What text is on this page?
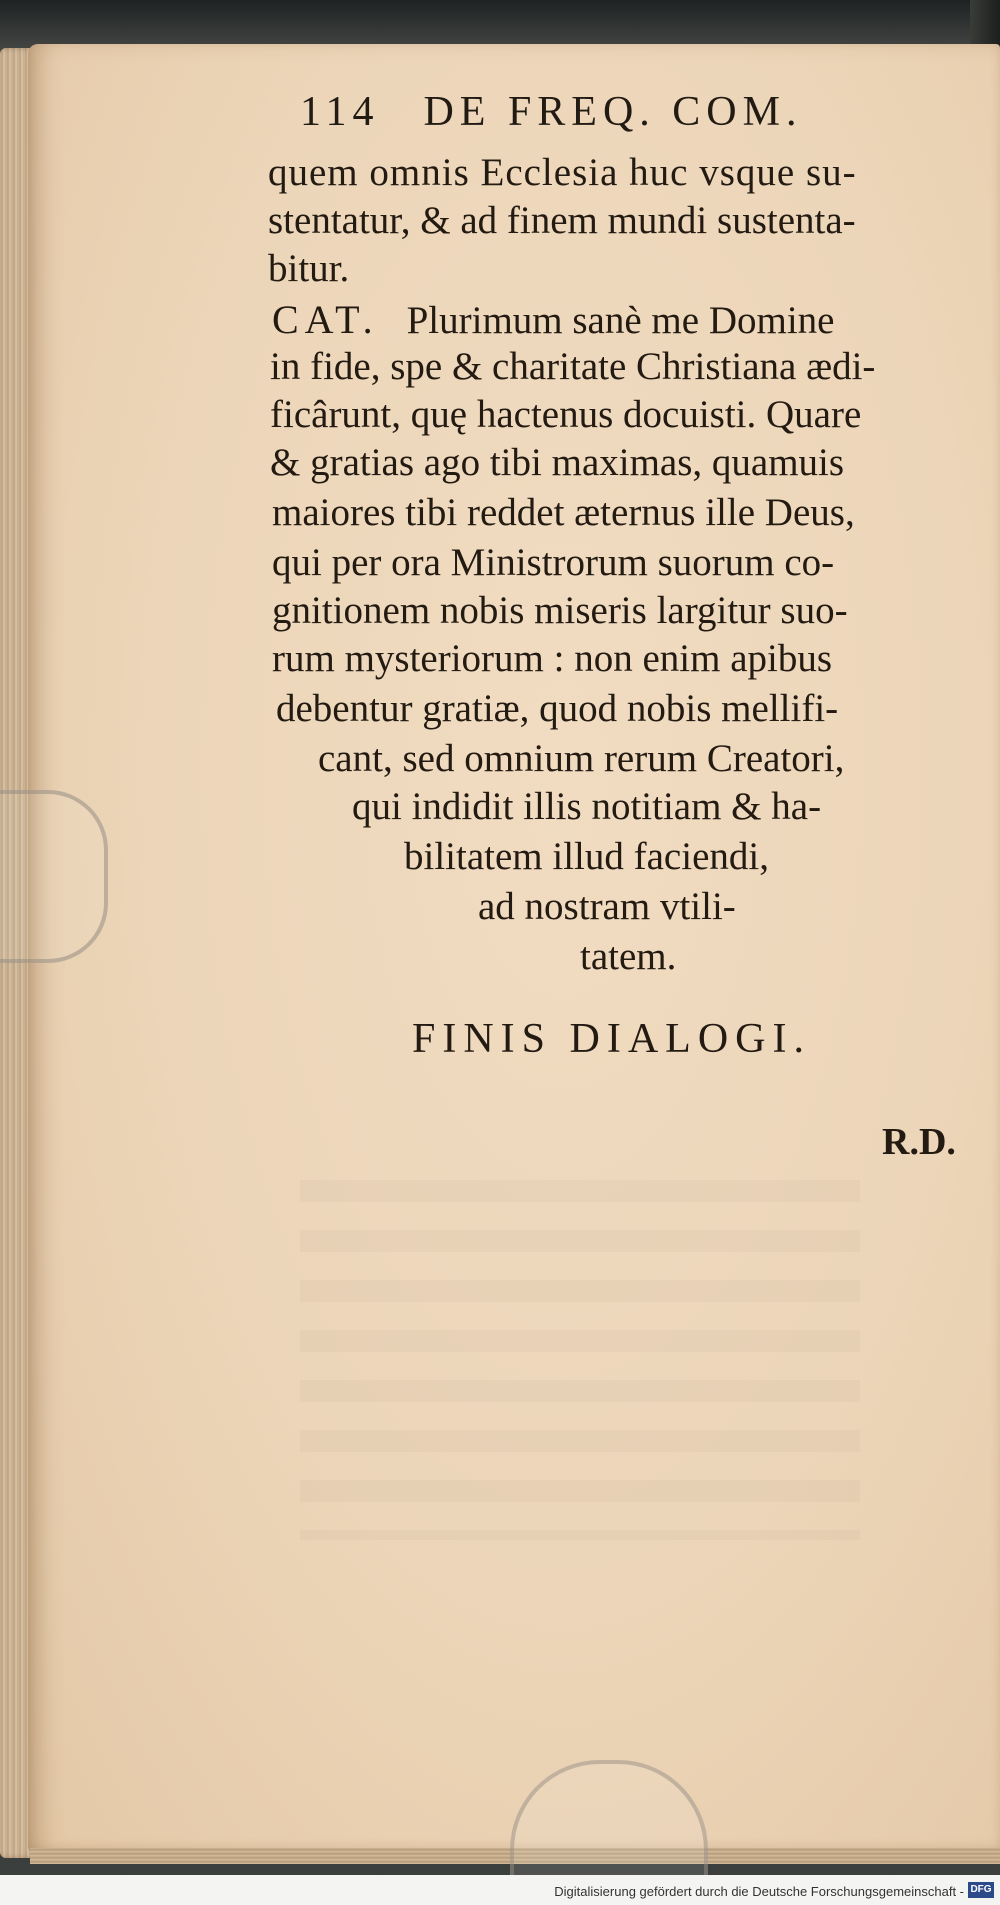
114 DE FREQ. COM.
quem omnis Ecclesia huc vsque su-
stentatur, & ad finem mundi sustenta-
bitur.
CAT. Plurimum sanè me Domine
in fide, spe & charitate Christiana ædi-
ficârunt, quę hactenus docuisti. Quare
& gratias ago tibi maximas, quamuis
maiores tibi reddet æternus ille Deus,
qui per ora Ministrorum suorum co-
gnitionem nobis miseris largitur suo-
rum mysteriorum : non enim apibus
debentur gratiæ, quod nobis mellifi-
cant, sed omnium rerum Creatori,
qui indidit illis notitiam & ha-
bilitatem illud faciendi,
ad nostram vtili-
tatem.
FINIS DIALOGI.
R.D.
Digitalisierung gefördert durch die Deutsche Forschungsgemeinschaft - DFG
